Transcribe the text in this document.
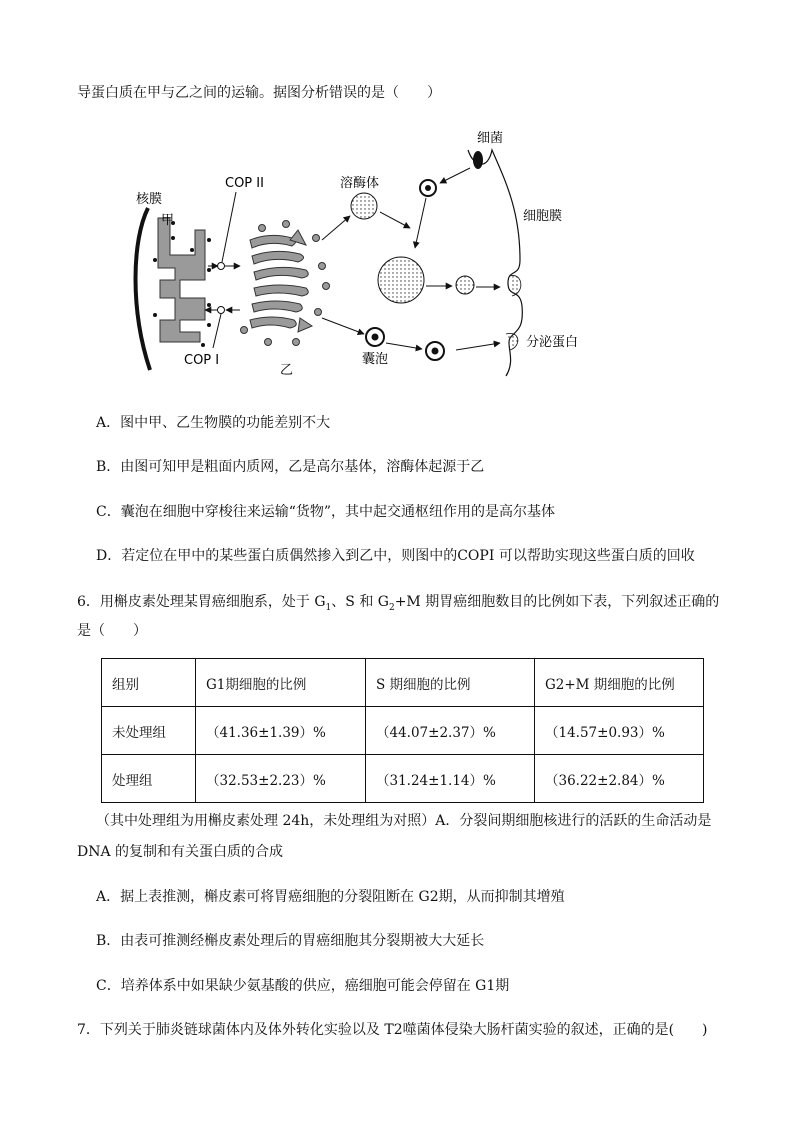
导蛋白质在甲与乙之间的运输。据图分析错误的是（　　）
细菌
核膜
甲
COP II	溶酶体
细胞膜
COP I
乙
囊泡
分泌蛋白
A．图中甲、乙生物膜的功能差别不大
B．由图可知甲是粗面内质网，乙是高尔基体，溶酶体起源于乙
C．囊泡在细胞中穿梭往来运输“货物”，其中起交通枢纽作用的是高尔基体
D．若定位在甲中的某些蛋白质偶然掺入到乙中，则图中的COPI 可以帮助实现这些蛋白质的回收
6．用槲皮素处理某胃癌细胞系，处于 $G_1$、S 和 $G_2+M$ 期胃癌细胞数目的比例如下表，下列叙述正确的
是（　　）
组别	G1期细胞的比例	S 期细胞的比例	G2+M 期细胞的比例
未处理组	（41.36±1.39）%	（44.07±2.37）%	（14.57±0.93）%
处理组	（32.53±2.23）%	（31.24±1.14）%	（36.22±2.84）%
（其中处理组为用槲皮素处理 24h，未处理组为对照）A．分裂间期细胞核进行的活跃的生命活动是
DNA 的复制和有关蛋白质的合成
A．据上表推测，槲皮素可将胃癌细胞的分裂阻断在 G2期，从而抑制其增殖
B．由表可推测经槲皮素处理后的胃癌细胞其分裂期被大大延长
C．培养体系中如果缺少氨基酸的供应，癌细胞可能会停留在 G1期
7．下列关于肺炎链球菌体内及体外转化实验以及 T2噬菌体侵染大肠杆菌实验的叙述，正确的是(　　)
